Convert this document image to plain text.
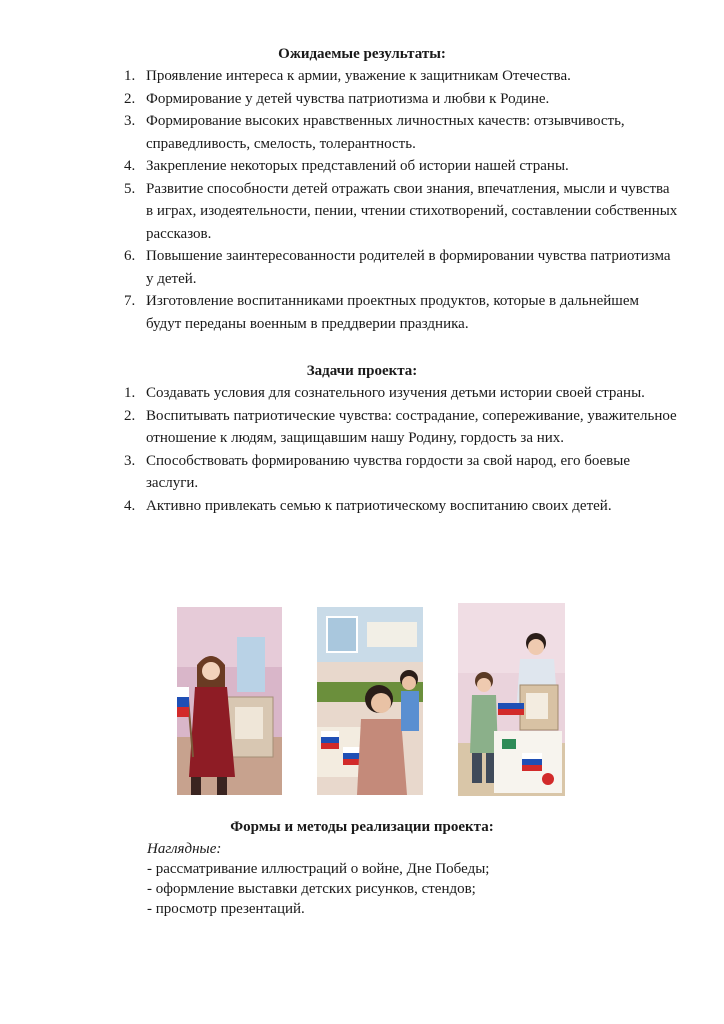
Ожидаемые результаты:
1. Проявление интереса к армии, уважение к защитникам Отечества.
2. Формирование у детей чувства патриотизма и любви к Родине.
3. Формирование высоких нравственных личностных качеств: отзывчивость, справедливость, смелость, толерантность.
4. Закрепление некоторых представлений об истории нашей страны.
5. Развитие способности детей отражать свои знания, впечатления, мысли и чувства в играх, изодеятельности, пении, чтении стихотворений, составлении собственных рассказов.
6. Повышение заинтересованности родителей в формировании чувства патриотизма у детей.
7. Изготовление воспитанниками проектных продуктов, которые в дальнейшем будут переданы военным в преддверии праздника.
Задачи проекта:
1. Создавать условия для сознательного изучения детьми истории своей страны.
2. Воспитывать патриотические чувства: сострадание, сопереживание, уважительное отношение к людям, защищавшим нашу Родину, гордость за них.
3. Способствовать формированию чувства гордости за свой народ, его боевые заслуги.
4. Активно привлекать семью к патриотическому воспитанию своих детей.
Формы и методы реализации проекта:
Наглядные:
- рассматривание иллюстраций о войне, Дне Победы;
- оформление выставки детских рисунков, стендов;
- просмотр презентаций.
